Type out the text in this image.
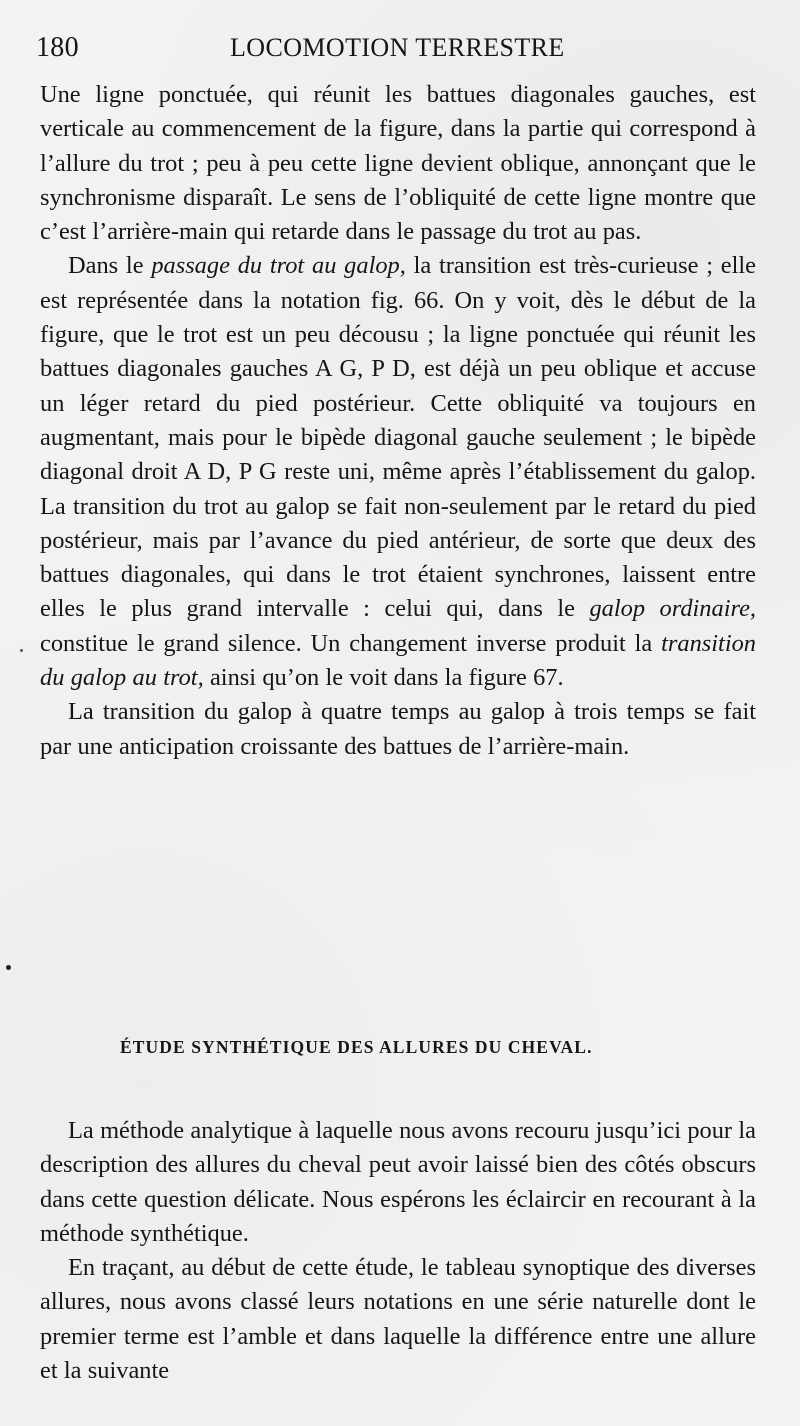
180	LOCOMOTION TERRESTRE

Une ligne ponctuée, qui réunit les battues diagonales gauches, est verticale au commencement de la figure, dans la partie qui correspond à l’allure du trot ; peu à peu cette ligne devient oblique, annonçant que le synchronisme disparaît. Le sens de l’obliquité de cette ligne montre que c’est l’arrière-main qui retarde dans le passage du trot au pas.

Dans le passage du trot au galop, la transition est très-curieuse ; elle est représentée dans la notation fig. 66. On y voit, dès le début de la figure, que le trot est un peu décousu ; la ligne ponctuée qui réunit les battues diagonales gauches A G, P D, est déjà un peu oblique et accuse un léger retard du pied postérieur. Cette obliquité va toujours en augmentant, mais pour le bipède diagonal gauche seulement ; le bipède diagonal droit A D, P G reste uni, même après l’établissement du galop. La transition du trot au galop se fait non-seulement par le retard du pied postérieur, mais par l’avance du pied antérieur, de sorte que deux des battues diagonales, qui dans le trot étaient synchrones, laissent entre elles le plus grand intervalle : celui qui, dans le galop ordinaire, constitue le grand silence. Un changement inverse produit la transition du galop au trot, ainsi qu’on le voit dans la figure 67.

La transition du galop à quatre temps au galop à trois temps se fait par une anticipation croissante des battues de l’arrière-main.

ÉTUDE SYNTHÉTIQUE DES ALLURES DU CHEVAL.

La méthode analytique à laquelle nous avons recouru jusqu’ici pour la description des allures du cheval peut avoir laissé bien des côtés obscurs dans cette question délicate. Nous espérons les éclaircir en recourant à la méthode synthétique.

En traçant, au début de cette étude, le tableau synoptique des diverses allures, nous avons classé leurs notations en une série naturelle dont le premier terme est l’amble et dans laquelle la différence entre une allure et la suivante
